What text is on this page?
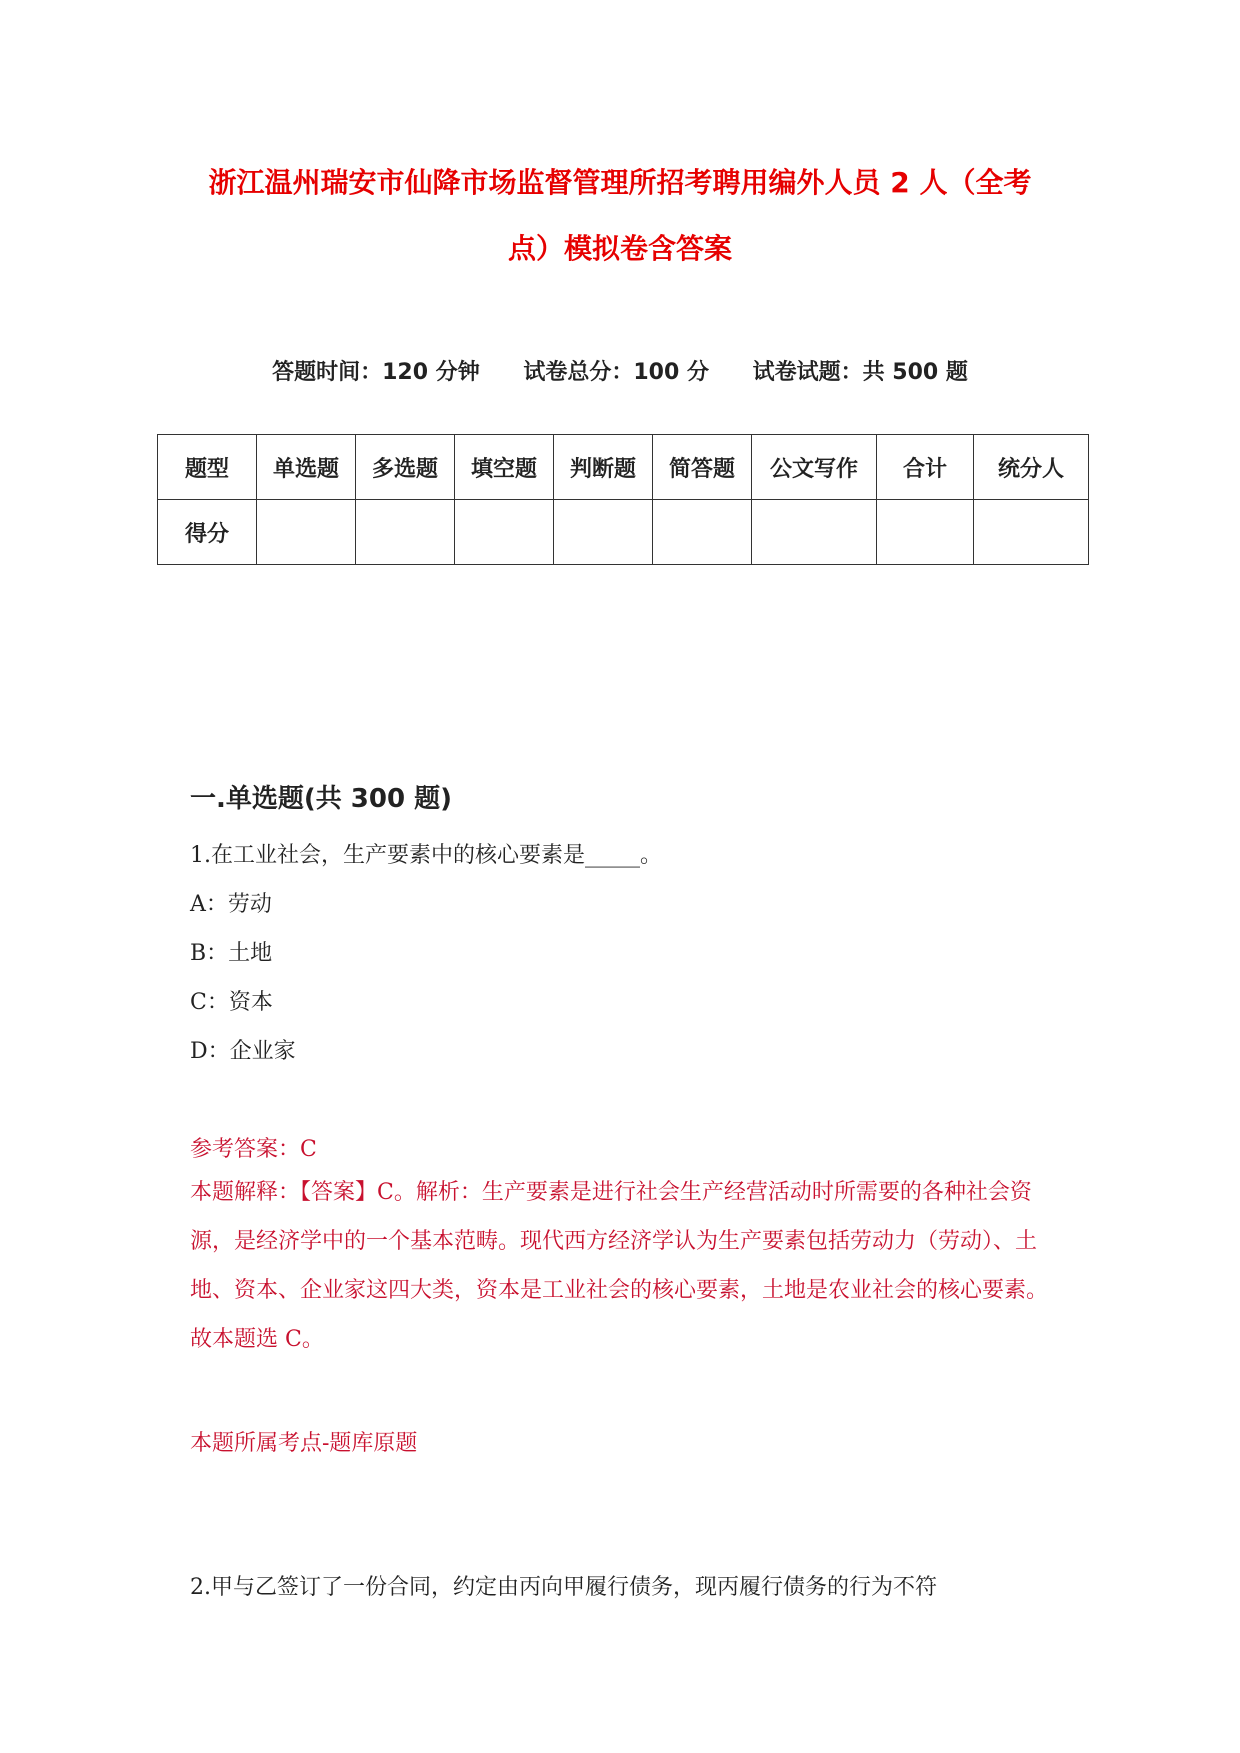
浙江温州瑞安市仙降市场监督管理所招考聘用编外人员 2 人（全考
点）模拟卷含答案
答题时间：120 分钟 试卷总分：100 分 试卷试题：共 500 题
题型	单选题	多选题	填空题	判断题	简答题	公文写作	合计	统分人
得分								
一.单选题(共 300 题)
1.在工业社会，生产要素中的核心要素是_____。
A：劳动
B：土地
C：资本
D：企业家
参考答案：C
本题解释：【答案】C。解析：生产要素是进行社会生产经营活动时所需要的各种社会资源，是经济学中的一个基本范畴。现代西方经济学认为生产要素包括劳动力（劳动）、土地、资本、企业家这四大类，资本是工业社会的核心要素，土地是农业社会的核心要素。故本题选 C。
本题所属考点-题库原题
2.甲与乙签订了一份合同，约定由丙向甲履行债务，现丙履行债务的行为不符
